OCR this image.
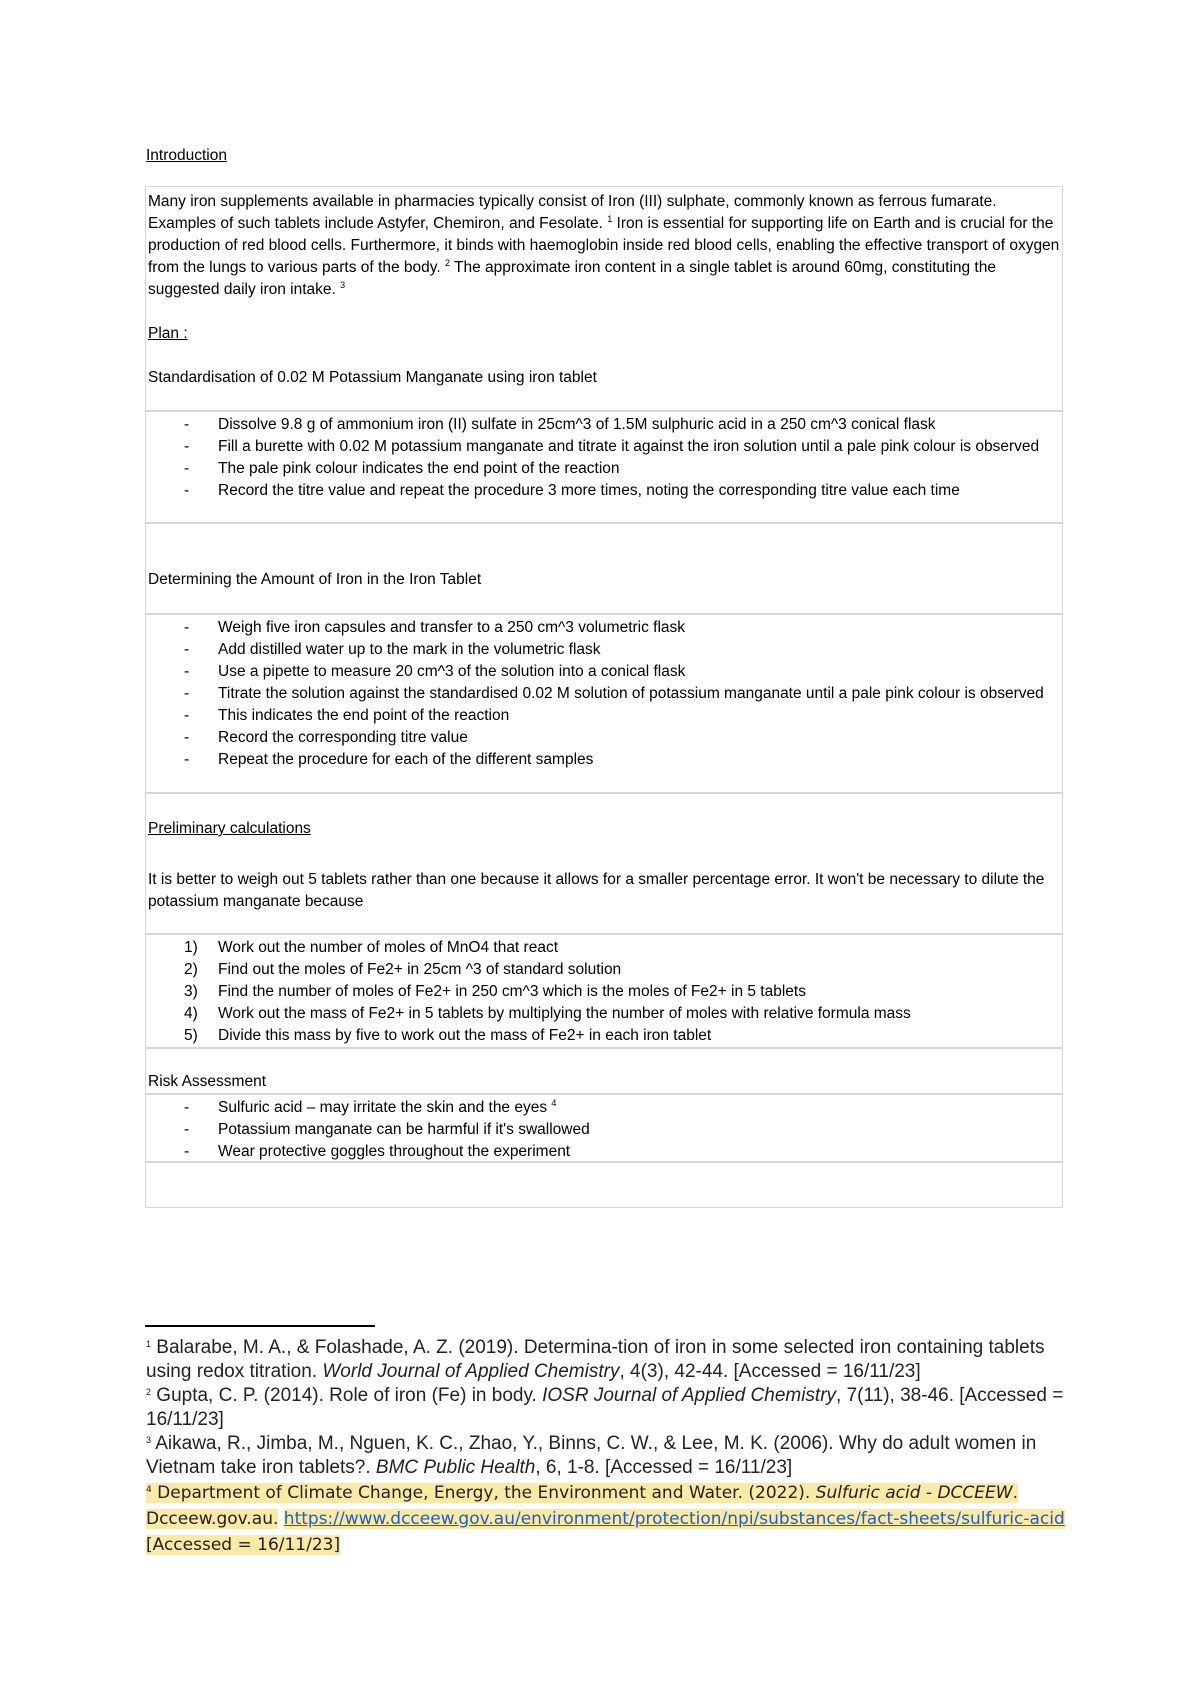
Introduction

Many iron supplements available in pharmacies typically consist of Iron (III) sulphate, commonly known as ferrous fumarate. Examples of such tablets include Astyfer, Chemiron, and Fesolate. $^1$ Iron is essential for supporting life on Earth and is crucial for the production of red blood cells. Furthermore, it binds with haemoglobin inside red blood cells, enabling the effective transport of oxygen from the lungs to various parts of the body. $^2$ The approximate iron content in a single tablet is around 60mg, constituting the suggested daily iron intake. $^3$

Plan :

Standardisation of 0.02 M Potassium Manganate using iron tablet

- Dissolve 9.8 g of ammonium iron (II) sulfate in 25cm^3 of 1.5M sulphuric acid in a 250 cm^3 conical flask
- Fill a burette with 0.02 M potassium manganate and titrate it against the iron solution until a pale pink colour is observed
- The pale pink colour indicates the end point of the reaction
- Record the titre value and repeat the procedure 3 more times, noting the corresponding titre value each time

Determining the Amount of Iron in the Iron Tablet

- Weigh five iron capsules and transfer to a 250 cm^3 volumetric flask
- Add distilled water up to the mark in the volumetric flask
- Use a pipette to measure 20 cm^3 of the solution into a conical flask
- Titrate the solution against the standardised 0.02 M solution of potassium manganate until a pale pink colour is observed
- This indicates the end point of the reaction
- Record the corresponding titre value
- Repeat the procedure for each of the different samples

Preliminary calculations

It is better to weigh out 5 tablets rather than one because it allows for a smaller percentage error. It won't be necessary to dilute the potassium manganate because

1) Work out the number of moles of MnO4 that react
2) Find out the moles of Fe2+ in 25cm ^3 of standard solution
3) Find the number of moles of Fe2+ in 250 cm^3 which is the moles of Fe2+ in 5 tablets
4) Work out the mass of Fe2+ in 5 tablets by multiplying the number of moles with relative formula mass
5) Divide this mass by five to work out the mass of Fe2+ in each iron tablet

Risk Assessment

- Sulfuric acid – may irritate the skin and the eyes $^4$
- Potassium manganate can be harmful if it's swallowed
- Wear protective goggles throughout the experiment

$^1$ Balarabe, M. A., & Folashade, A. Z. (2019). Determina-tion of iron in some selected iron containing tablets using redox titration. World Journal of Applied Chemistry, 4(3), 42-44. [Accessed = 16/11/23]

$^2$ Gupta, C. P. (2014). Role of iron (Fe) in body. IOSR Journal of Applied Chemistry, 7(11), 38-46. [Accessed = 16/11/23]

$^3$ Aikawa, R., Jimba, M., Nguen, K. C., Zhao, Y., Binns, C. W., & Lee, M. K. (2006). Why do adult women in Vietnam take iron tablets?. BMC Public Health, 6, 1-8. [Accessed = 16/11/23]

$^4$ Department of Climate Change, Energy, the Environment and Water. (2022). Sulfuric acid - DCCEEW. Dcceew.gov.au. https://www.dcceew.gov.au/environment/protection/npi/substances/fact-sheets/sulfuric-acid [Accessed = 16/11/23]
